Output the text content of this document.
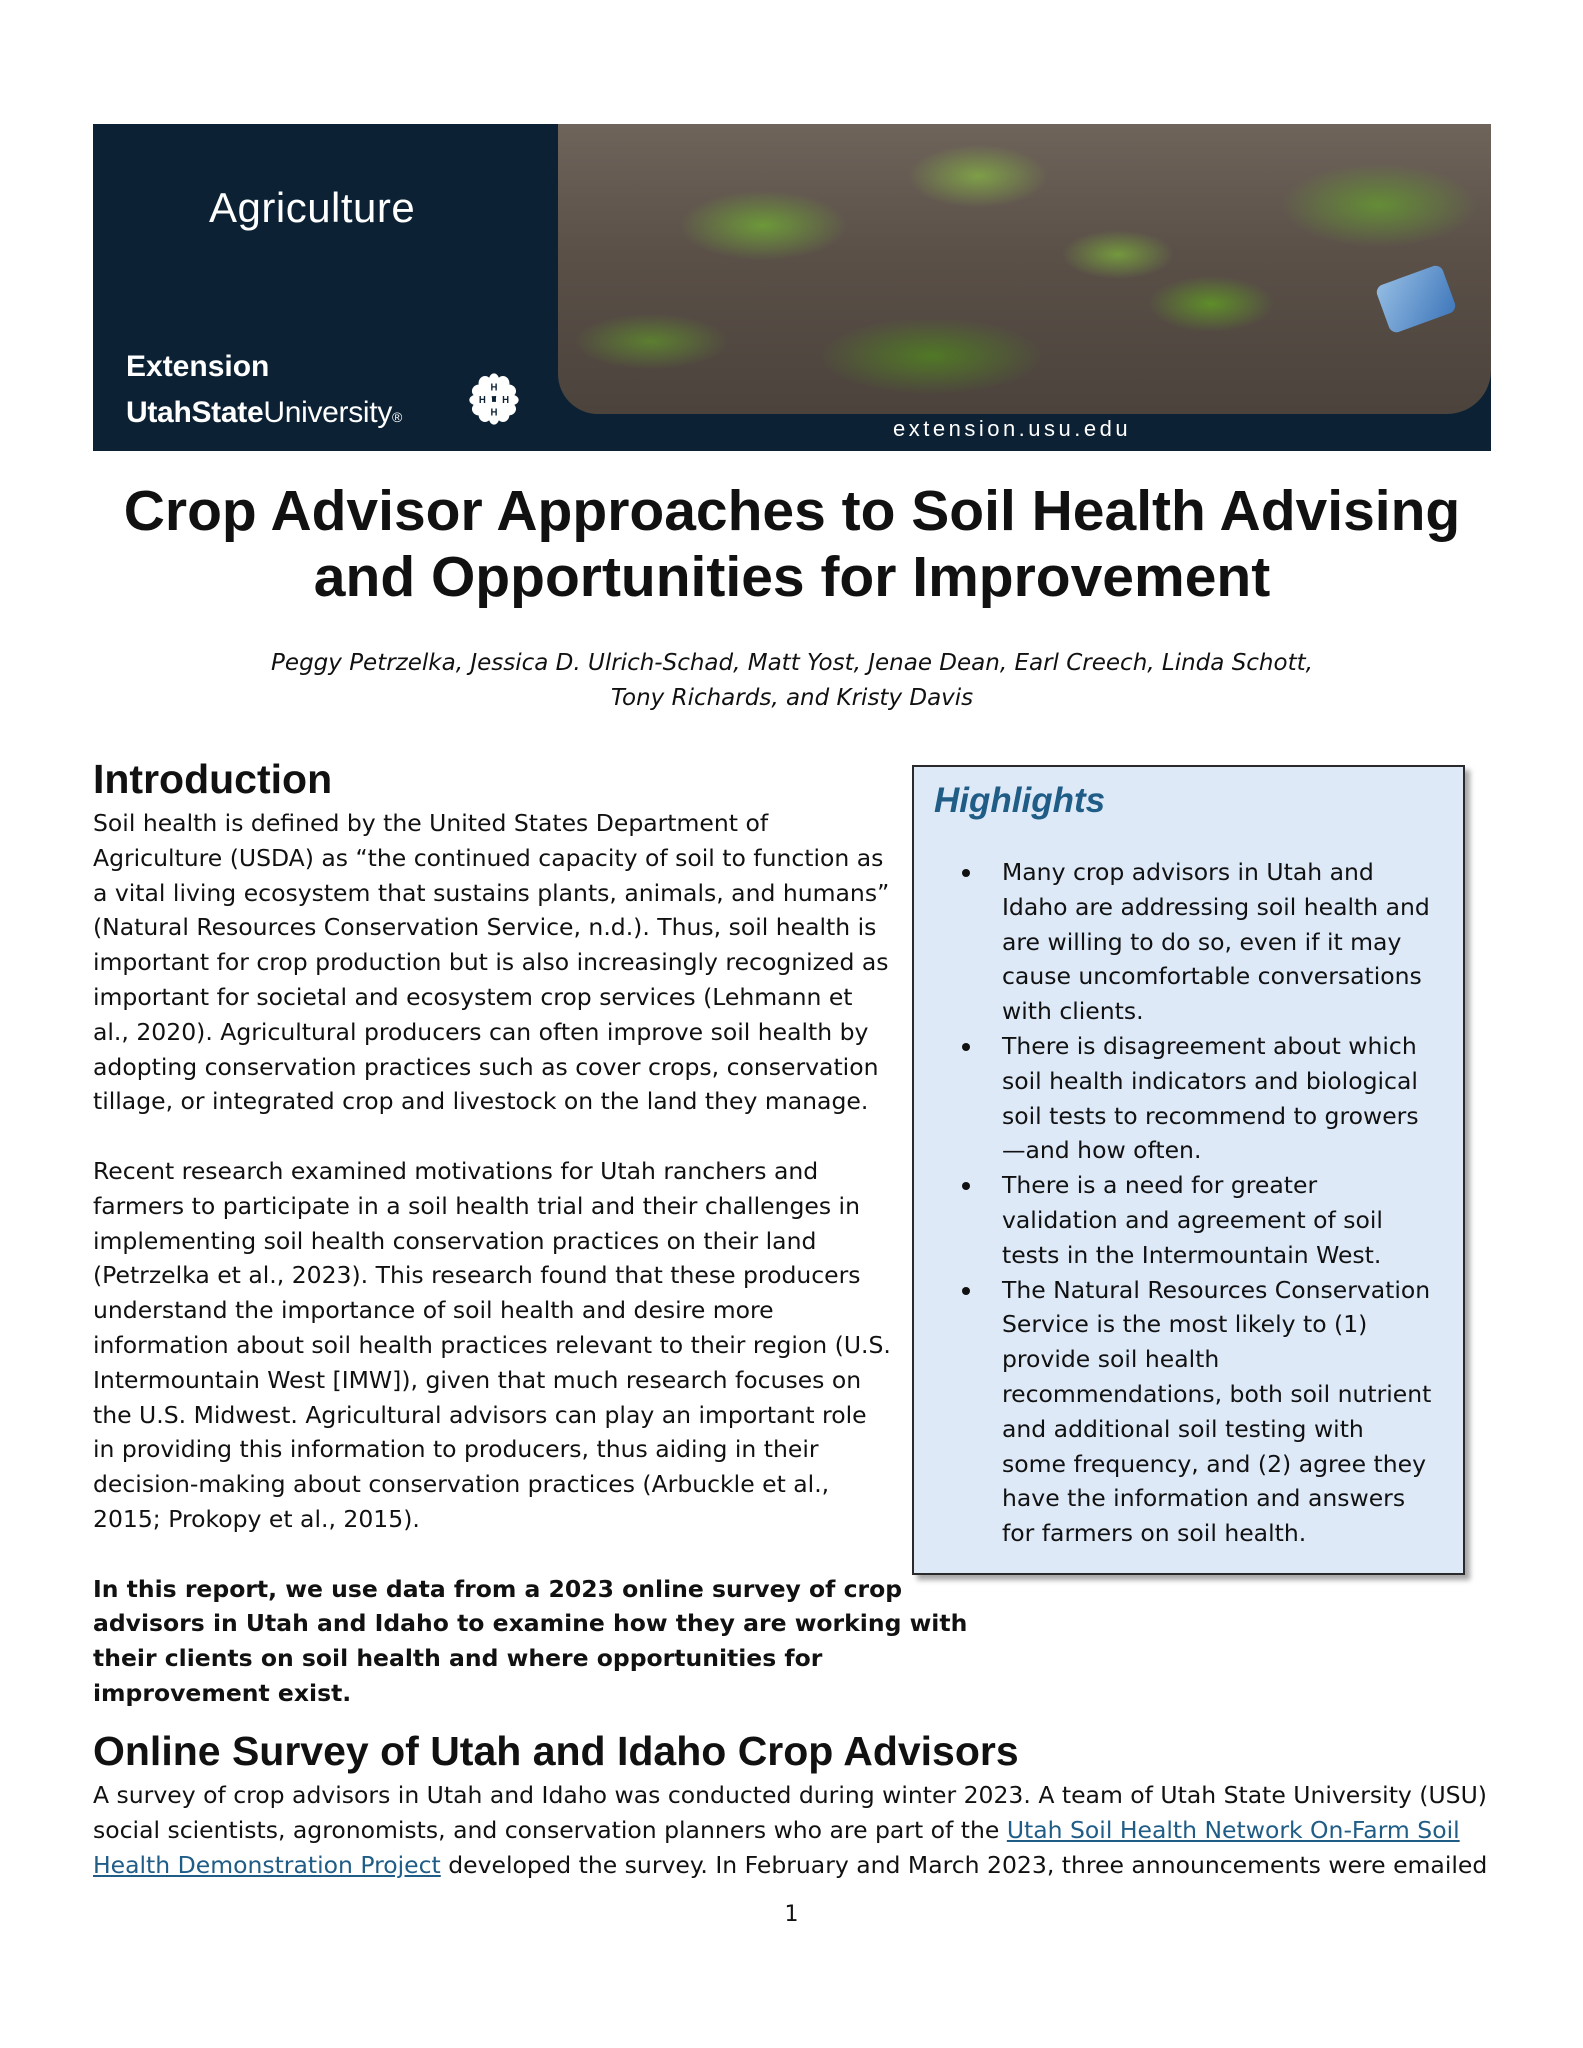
Agriculture
Extension
UtahStateUniversity®
H
H
H
H
extension.usu.edu
Crop Advisor Approaches to Soil Health Advising
and Opportunities for Improvement
Peggy Petrzelka, Jessica D. Ulrich-Schad, Matt Yost, Jenae Dean, Earl Creech, Linda Schott,
Tony Richards, and Kristy Davis
Introduction

Soil health is defined by the United States Department of Agriculture (USDA) as “the continued capacity of soil to function as a vital living ecosystem that sustains plants, animals, and humans” (Natural Resources Conservation Service, n.d.). Thus, soil health is important for crop production but is also increasingly recognized as important for societal and ecosystem crop services (Lehmann et al., 2020). Agricultural producers can often improve soil health by adopting conservation practices such as cover crops, conservation tillage, or integrated crop and livestock on the land they manage.

Recent research examined motivations for Utah ranchers and farmers to participate in a soil health trial and their challenges in implementing soil health conservation practices on their land (Petrzelka et al., 2023). This research found that these producers understand the importance of soil health and desire more information about soil health practices relevant to their region (U.S. Intermountain West [IMW]), given that much research focuses on the U.S. Midwest. Agricultural advisors can play an important role in providing this information to producers, thus aiding in their decision-making about conservation practices (Arbuckle et al., 2015; Prokopy et al., 2015).

In this report, we use data from a 2023 online survey of crop advisors in Utah and Idaho to examine how they are working with their clients on soil health and where opportunities for improvement exist.

Highlights
Many crop advisors in Utah and Idaho are addressing soil health and are willing to do so, even if it may cause uncomfortable conversations with clients.
There is disagreement about which soil health indicators and biological soil tests to recommend to growers—and how often.
There is a need for greater validation and agreement of soil tests in the Intermountain West.
The Natural Resources Conservation Service is the most likely to (1) provide soil health recommendations, both soil nutrient and additional soil testing with some frequency, and (2) agree they have the information and answers for farmers on soil health.
Online Survey of Utah and Idaho Crop Advisors

A survey of crop advisors in Utah and Idaho was conducted during winter 2023. A team of Utah State University (USU) social scientists, agronomists, and conservation planners who are part of the Utah Soil Health Network On-Farm Soil Health Demonstration Project developed the survey. In February and March 2023, three announcements were emailed

1
